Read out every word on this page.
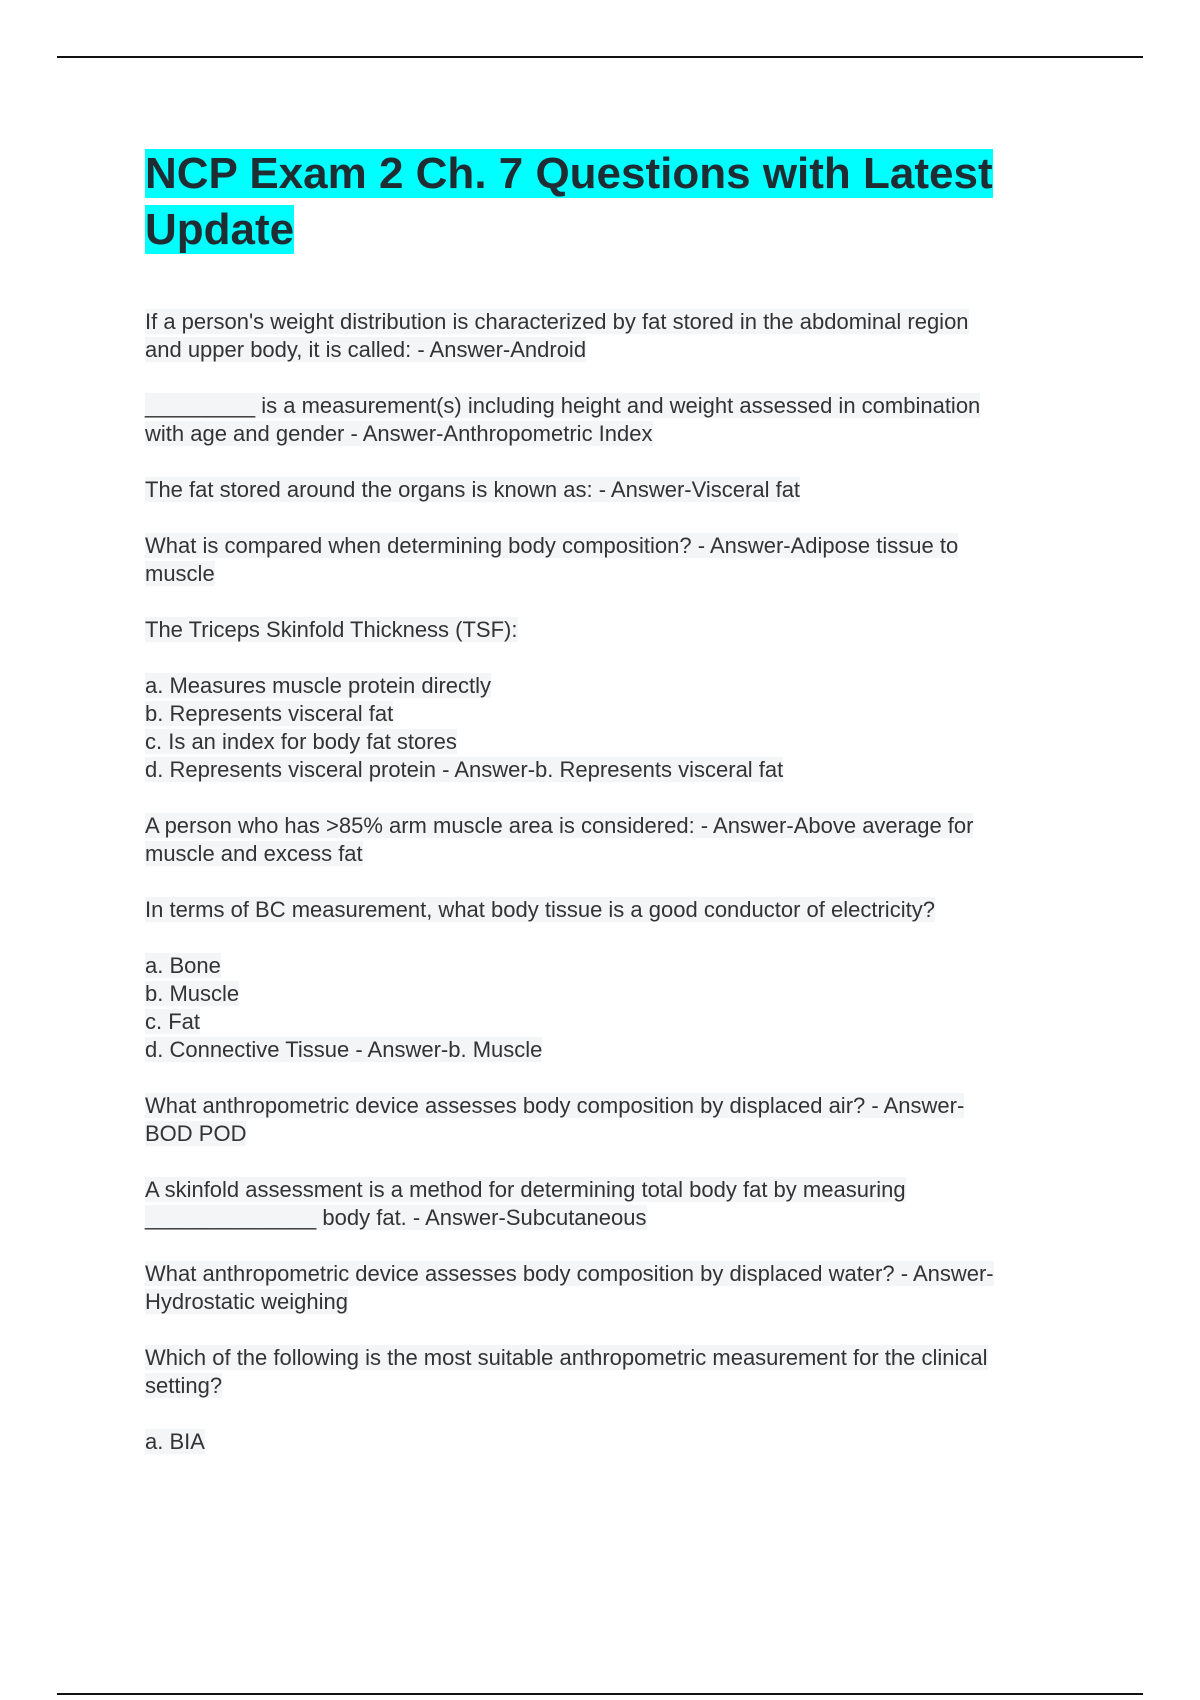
NCP Exam 2 Ch. 7 Questions with Latest Update
If a person's weight distribution is characterized by fat stored in the abdominal region
and upper body, it is called: - Answer-Android
_________ is a measurement(s) including height and weight assessed in combination
with age and gender - Answer-Anthropometric Index
The fat stored around the organs is known as: - Answer-Visceral fat
What is compared when determining body composition? - Answer-Adipose tissue to
muscle
The Triceps Skinfold Thickness (TSF):
a. Measures muscle protein directly
b. Represents visceral fat
c. Is an index for body fat stores
d. Represents visceral protein - Answer-b. Represents visceral fat
A person who has >85% arm muscle area is considered: - Answer-Above average for
muscle and excess fat
In terms of BC measurement, what body tissue is a good conductor of electricity?
a. Bone
b. Muscle
c. Fat
d. Connective Tissue - Answer-b. Muscle
What anthropometric device assesses body composition by displaced air? - Answer-
BOD POD
A skinfold assessment is a method for determining total body fat by measuring
______________ body fat. - Answer-Subcutaneous
What anthropometric device assesses body composition by displaced water? - Answer-
Hydrostatic weighing
Which of the following is the most suitable anthropometric measurement for the clinical
setting?
a. BIA
